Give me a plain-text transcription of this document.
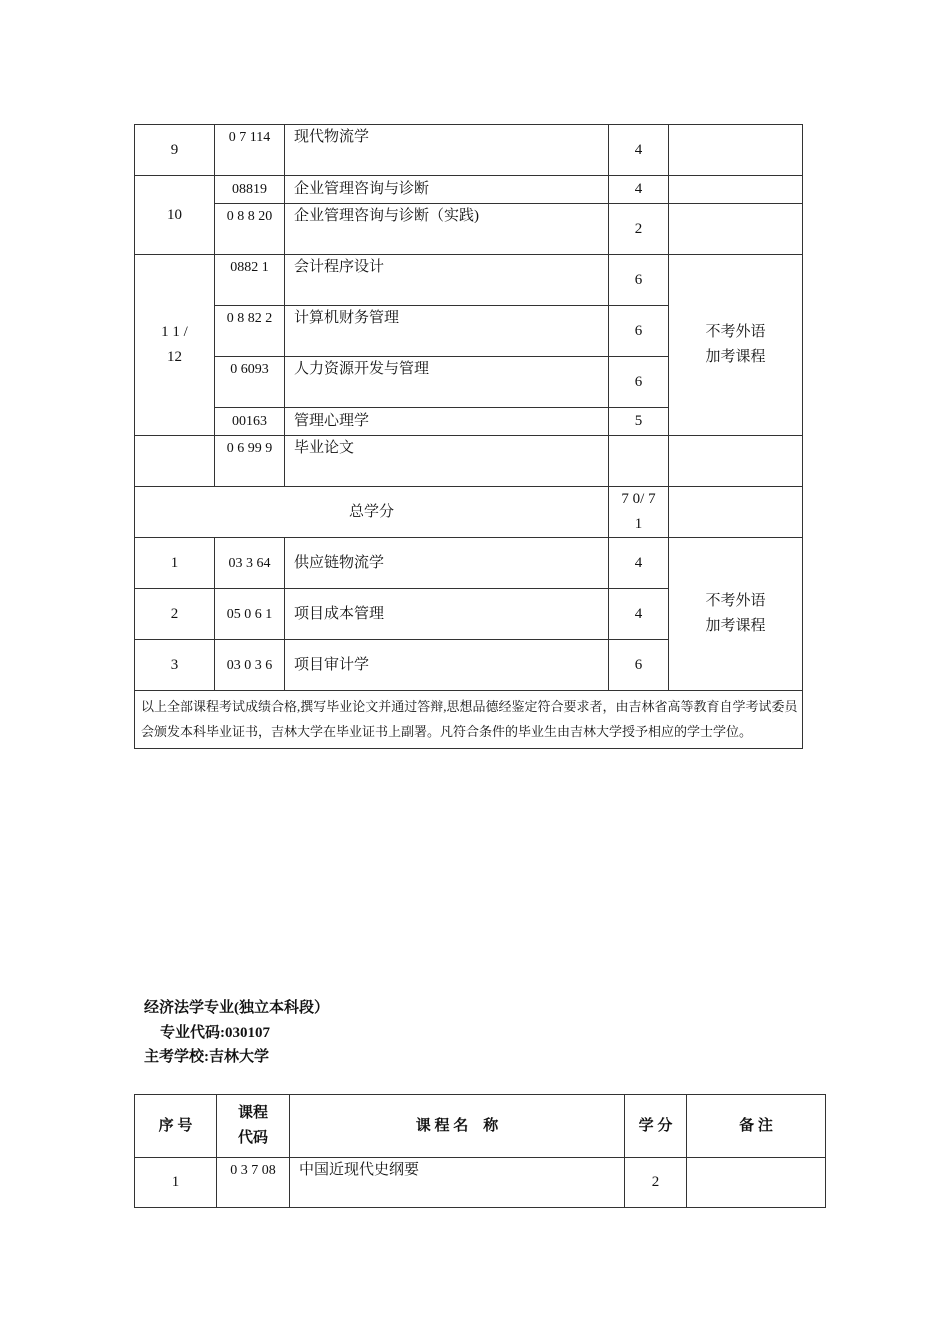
9	0 7 114	现代物流学	4	
10	08819	企业管理咨询与诊断	4	
	0 8 8 20	企业管理咨询与诊断（实践)	2	
1 1 / 12	0882 1	会计程序设计	6	不考外语 加考课程
	0 8 82 2	计算机财务管理	6	
	0 6093	人力资源开发与管理	6	
	00163	管理心理学	5	
	0 6 99 9	毕业论文		
总学分			7 0/ 7 1	
1	03 3 64	供应链物流学	4	不考外语 加考课程
2	05 0 6 1	项目成本管理	4	
3	03 0 3 6	项目审计学	6	
以上全部课程考试成绩合格,撰写毕业论文并通过答辩,思想品德经鉴定符合要求者，由吉林省高等教育自学考试委员会颁发本科毕业证书，吉林大学在毕业证书上副署。凡符合条件的毕业生由吉林大学授予相应的学士学位。				
经济法学专业(独立本科段）
专业代码:030107
主考学校:吉林大学
序 号	课程 代码	课 程 名　称	学 分	备 注
1	0 3 7 08	中国近现代史纲要	2	
